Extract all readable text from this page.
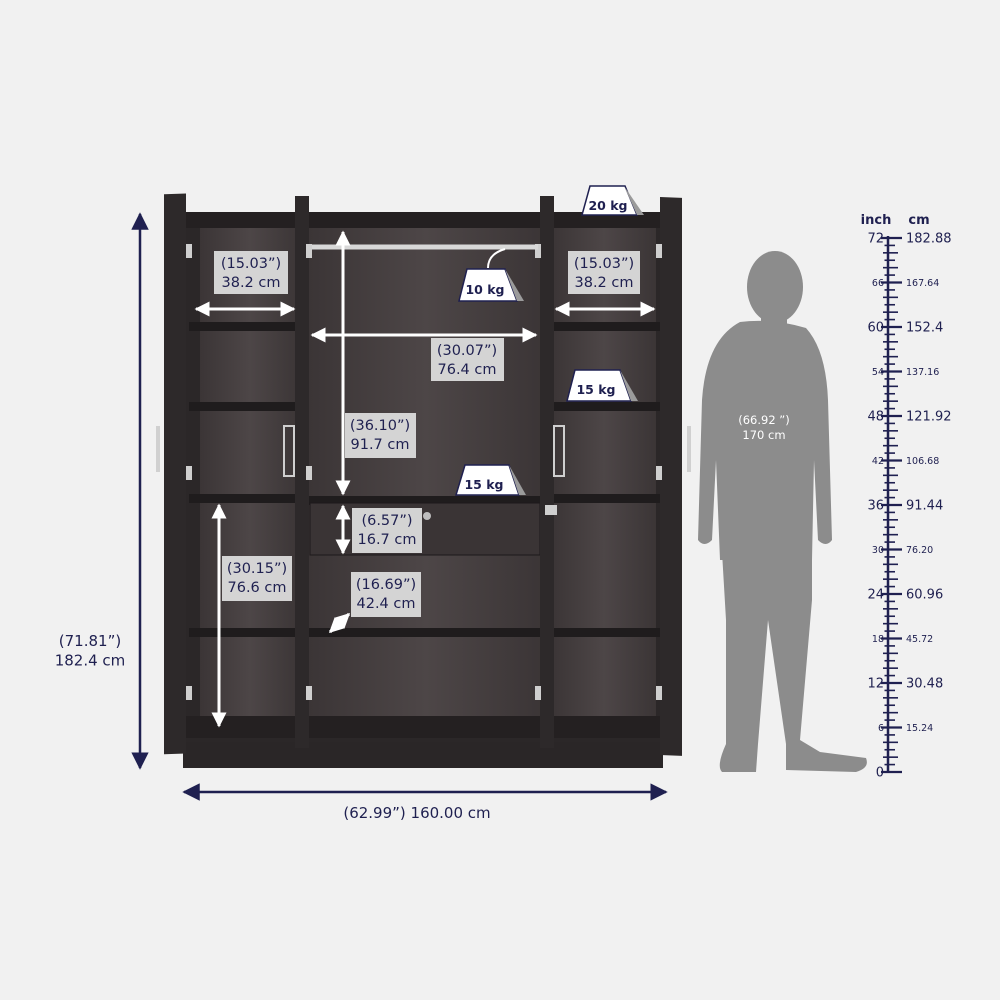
72 182.88
66 167.64
60 152.4
54 137.16
48 121.92
42 106.68
36 91.44
30 76.20
24 60.96
18 45.72
12 30.48
6 15.24
0
(71.81”) 182.4 cm
(62.99”) 160.00 cm
(15.03”) 38.2 cm
(15.03”) 38.2 cm
(30.07”) 76.4 cm
(36.10”) 91.7 cm
(6.57”) 16.7 cm
(16.69”) 42.4 cm
(30.15”) 76.6 cm
20 kg
10 kg
15 kg
15 kg
(66.92 ”) 170 cm
inch cm
